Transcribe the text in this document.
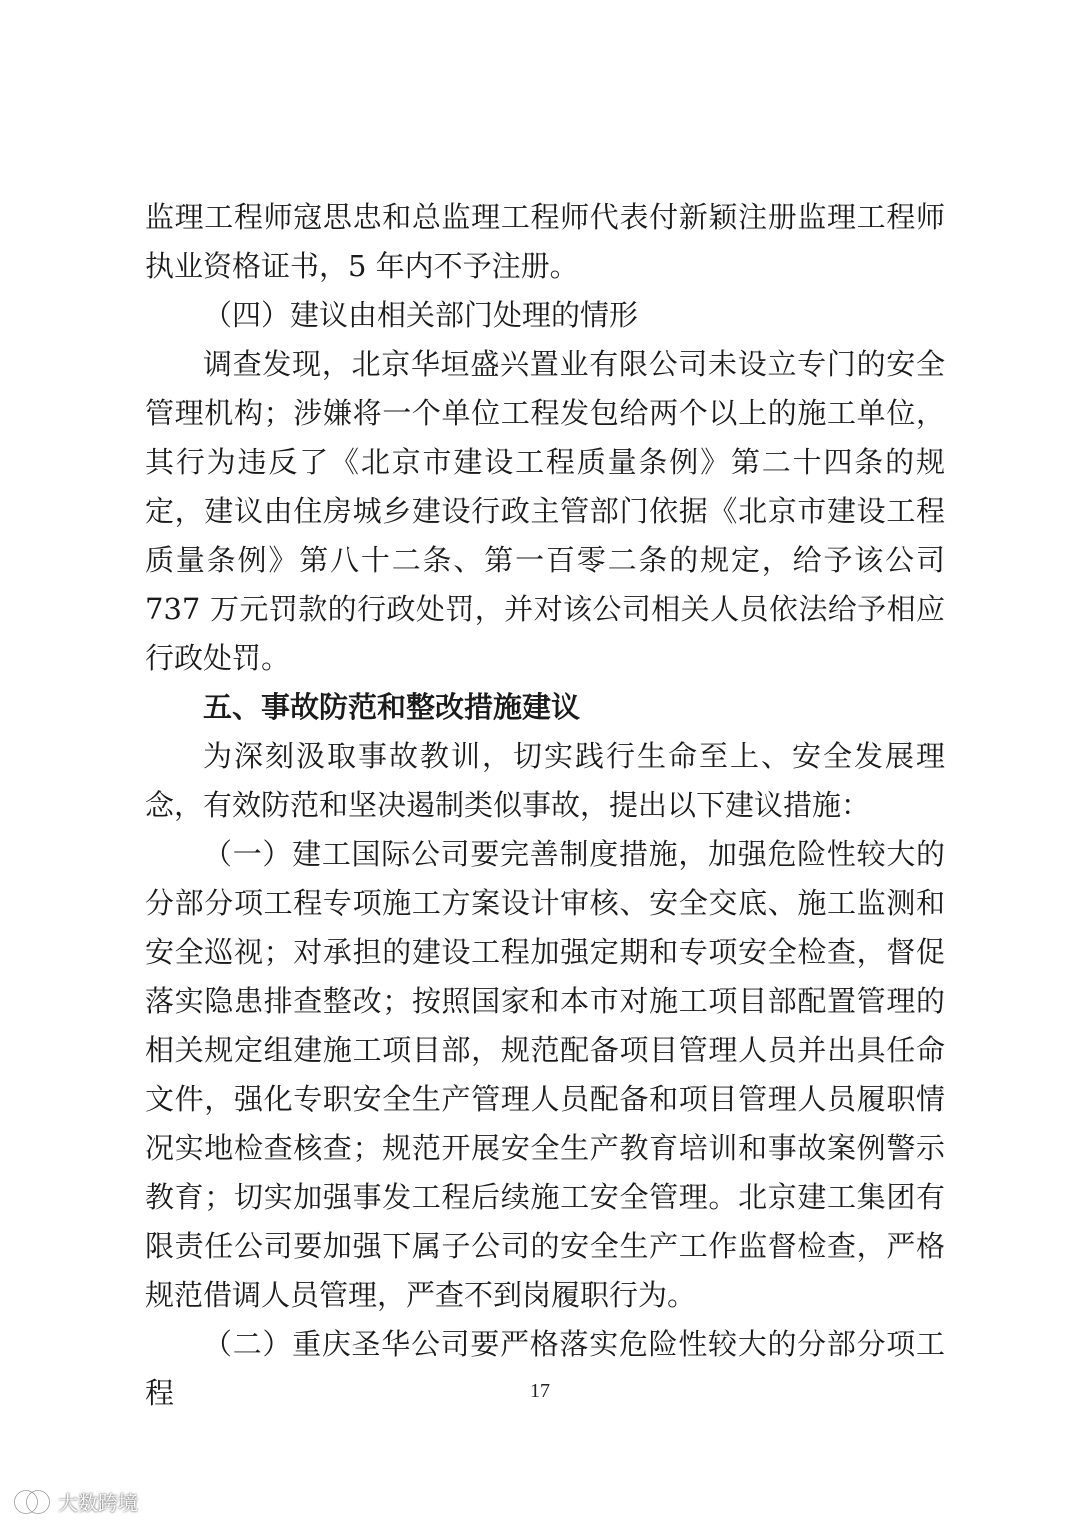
监理工程师寇思忠和总监理工程师代表付新颖注册监理工程师执业资格证书，5 年内不予注册。

（四）建议由相关部门处理的情形

调查发现，北京华垣盛兴置业有限公司未设立专门的安全管理机构；涉嫌将一个单位工程发包给两个以上的施工单位，其行为违反了《北京市建设工程质量条例》第二十四条的规定，建议由住房城乡建设行政主管部门依据《北京市建设工程质量条例》第八十二条、第一百零二条的规定，给予该公司 737 万元罚款的行政处罚，并对该公司相关人员依法给予相应行政处罚。

五、事故防范和整改措施建议

为深刻汲取事故教训，切实践行生命至上、安全发展理念，有效防范和坚决遏制类似事故，提出以下建议措施：

（一）建工国际公司要完善制度措施，加强危险性较大的分部分项工程专项施工方案设计审核、安全交底、施工监测和安全巡视；对承担的建设工程加强定期和专项安全检查，督促落实隐患排查整改；按照国家和本市对施工项目部配置管理的相关规定组建施工项目部，规范配备项目管理人员并出具任命文件，强化专职安全生产管理人员配备和项目管理人员履职情况实地检查核查；规范开展安全生产教育培训和事故案例警示教育；切实加强事发工程后续施工安全管理。北京建工集团有限责任公司要加强下属子公司的安全生产工作监督检查，严格规范借调人员管理，严查不到岗履职行为。

（二）重庆圣华公司要严格落实危险性较大的分部分项工程	17
大数跨境
